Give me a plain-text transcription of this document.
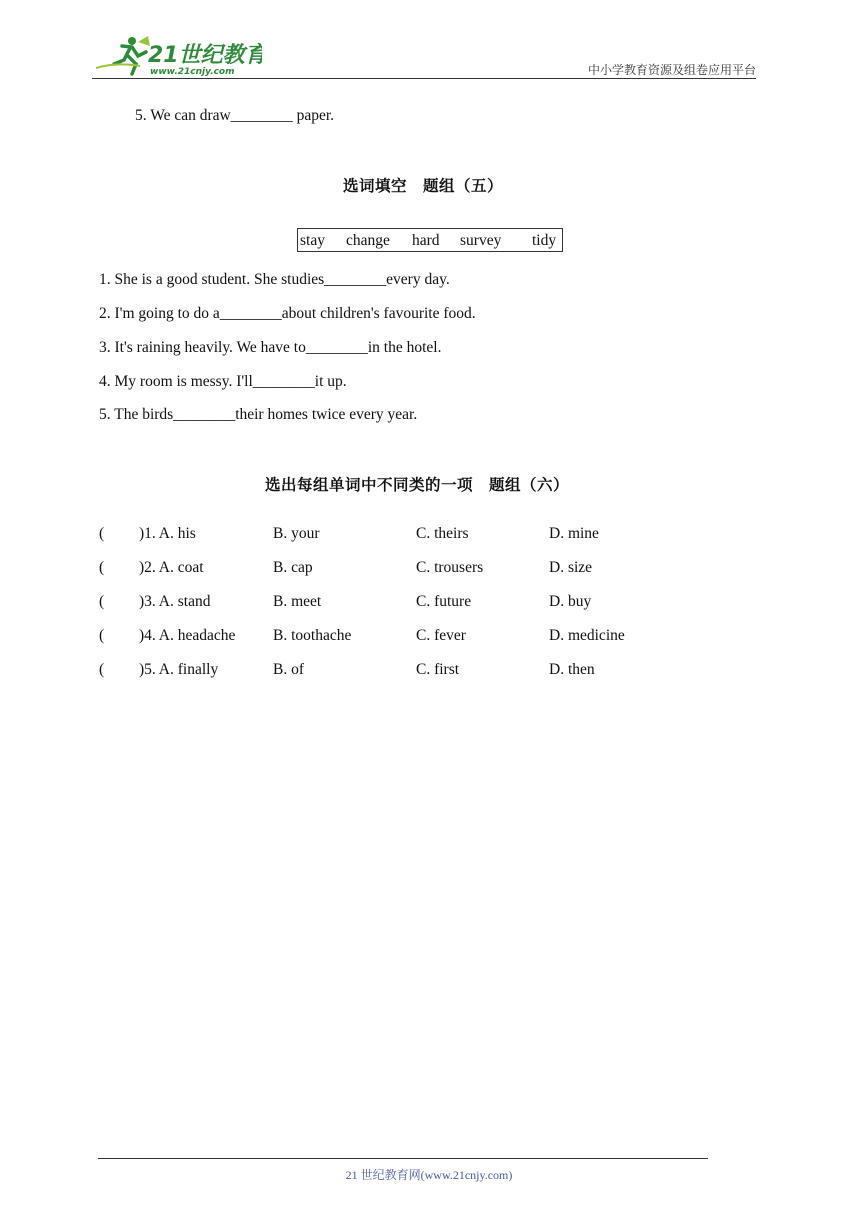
21世纪教育
www.21cnjy.com	中小学教育资源及组卷应用平台
5. We can draw________ paper.
选词填空　题组（五）
stay change hard survey tidy
1. She is a good student. She studies________every day.
2. I'm going to do a________about children's favourite food.
3. It's raining heavily. We have to________in the hotel.
4. My room is messy. I'll________it up.
5. The birds________their homes twice every year.
选出每组单词中不同类的一项　题组（六）
( )1. A. his	B. your	C. theirs	D. mine
( )2. A. coat	B. cap	C. trousers	D. size
( )3. A. stand	B. meet	C. future	D. buy
( )4. A. headache B. toothache	C. fever	D. medicine
( )5. A. finally	B. of	C. first	D. then
21 世纪教育网(www.21cnjy.com)
